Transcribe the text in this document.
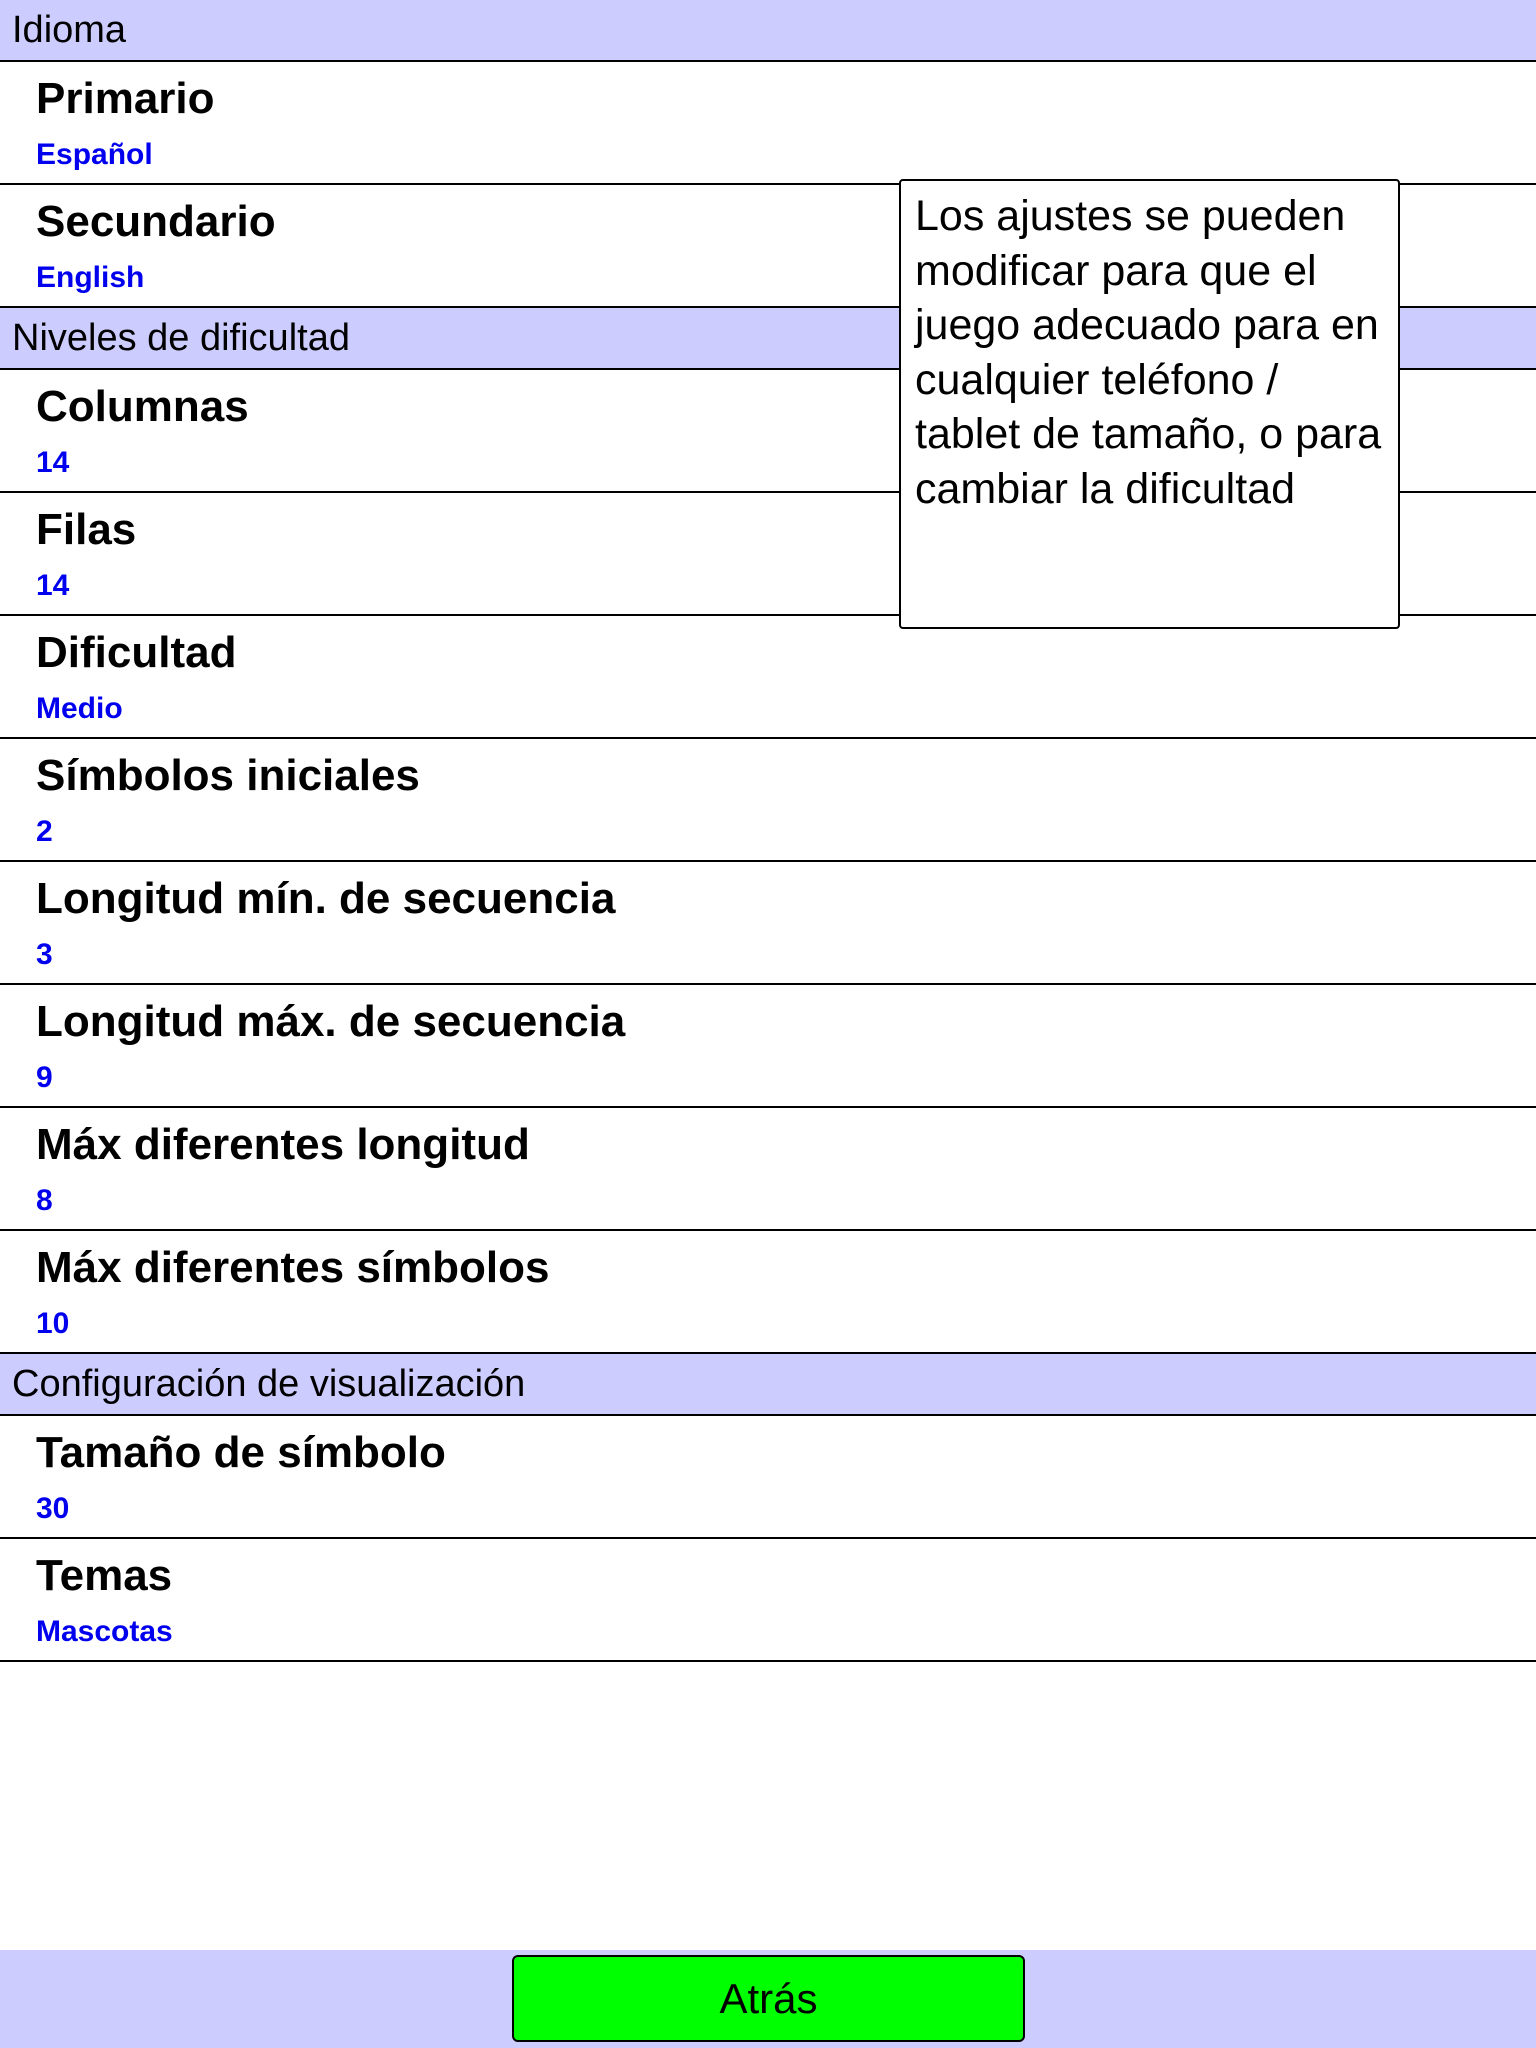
Idioma
Primario
Español
Secundario
English
Niveles de dificultad
Columnas
14
Filas
14
Dificultad
Medio
Símbolos iniciales
2
Longitud mín. de secuencia
3
Longitud máx. de secuencia
9
Máx diferentes longitud
8
Máx diferentes símbolos
10
Configuración de visualización
Tamaño de símbolo
30
Temas
Mascotas
Los ajustes se pueden modificar para que el juego adecuado para en cualquier teléfono / tablet de tamaño, o para cambiar la dificultad
Atrás
